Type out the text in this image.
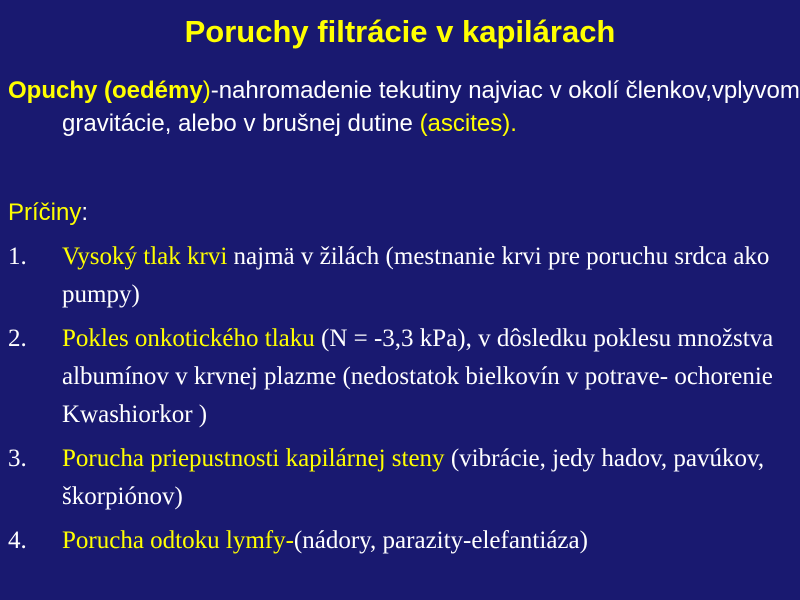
Poruchy filtrácie v kapilárach
Opuchy (oedémy)-nahromadenie tekutiny najviac v okolí členkov,vplyvom gravitácie, alebo v brušnej dutine (ascites).
Príčiny:
1.	Vysoký tlak krvi najmä v žilách (mestnanie krvi pre poruchu srdca ako pumpy)
2.	Pokles onkotického tlaku (N = -3,3 kPa), v dôsledku poklesu množstva albumínov v krvnej plazme (nedostatok bielkovín v potrave- ochorenie Kwashiorkor )
3.	Porucha priepustnosti kapilárnej steny (vibrácie, jedy hadov, pavúkov, škorpiónov)
4.	Porucha odtoku lymfy-(nádory, parazity-elefantiáza)
